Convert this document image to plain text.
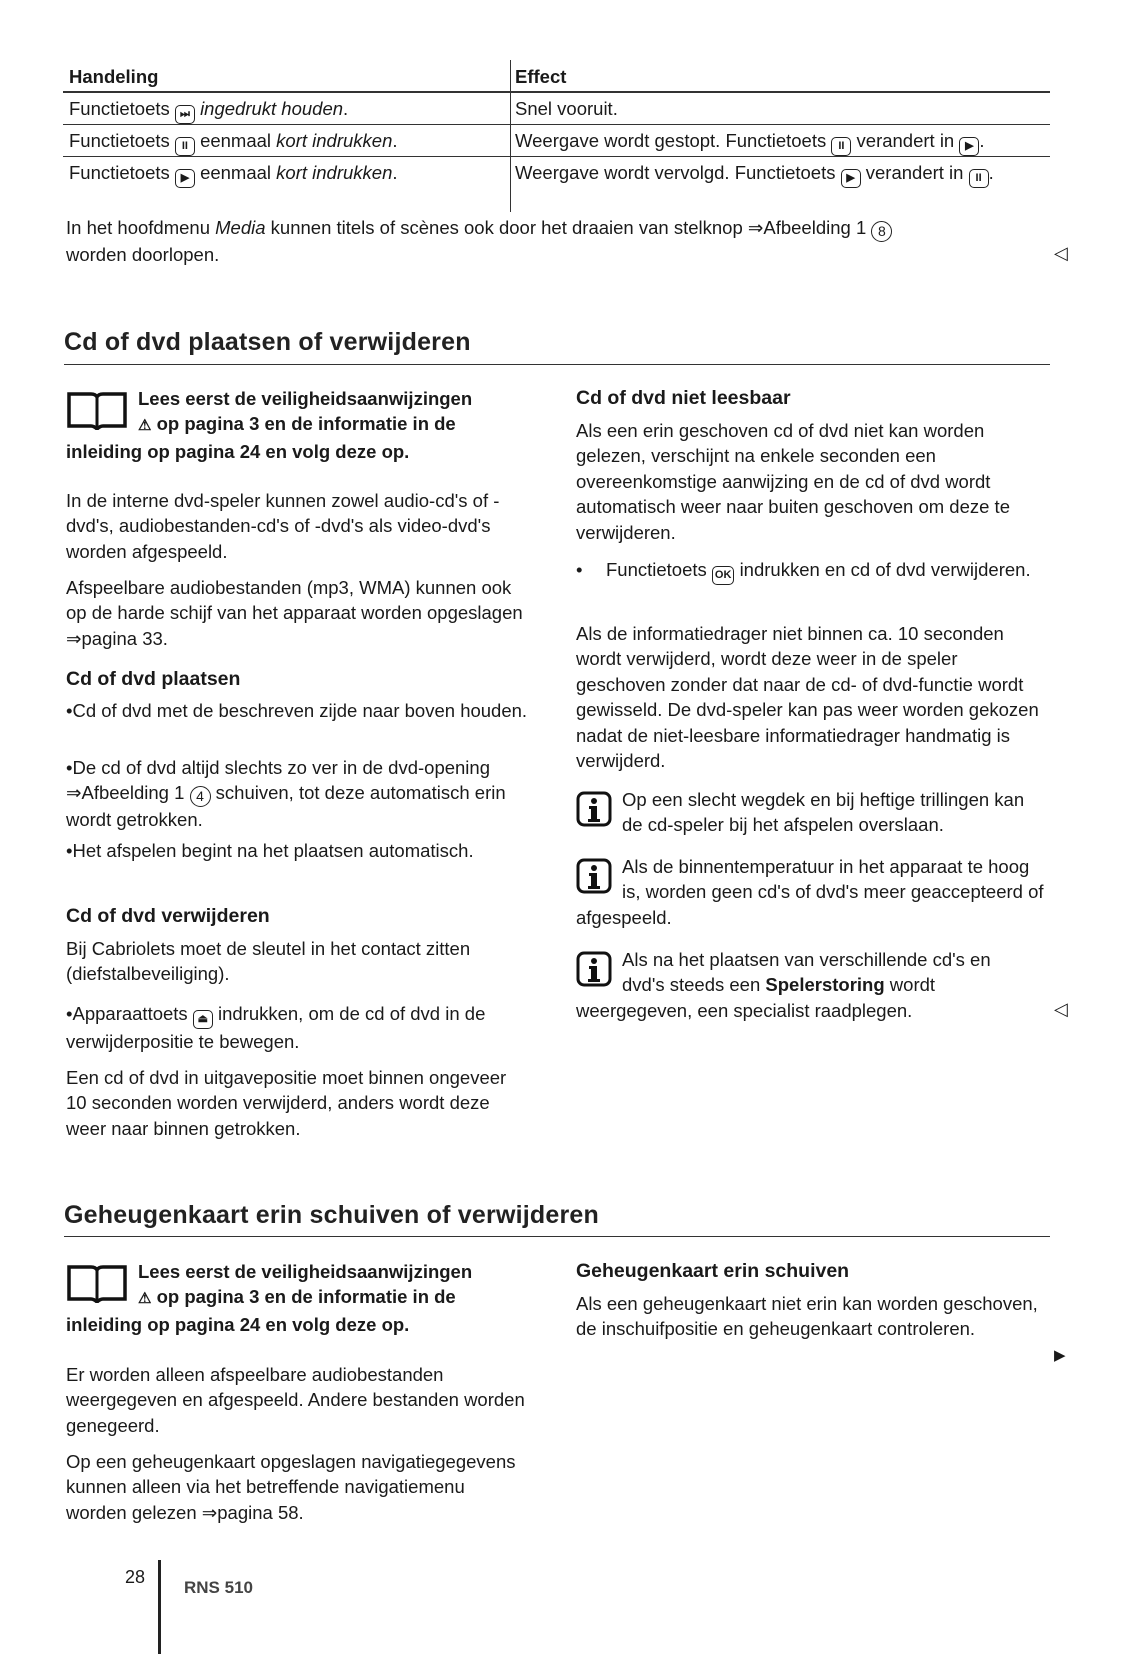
Handeling	Effect
Functietoets ⏭ ingedrukt houden.	Snel vooruit.
Functietoets II eenmaal kort indrukken.	Weergave wordt gestopt. Functietoets II verandert in ▶ .
Functietoets ▶ eenmaal kort indrukken.	Weergave wordt vervolgd. Functietoets ▶ verandert in II .

In het hoofdmenu Media kunnen titels of scènes ook door het draaien van stelknop ⇒Afbeelding 1 8
worden doorlopen.	◁
Cd of dvd plaatsen of verwijderen
Lees eerst de veiligheidsaanwijzingen
⚠ op pagina 3 en de informatie in de inleiding op pagina 24 en volg deze op.

In de interne dvd-speler kunnen zowel audio-cd's of -dvd's, audiobestanden-cd's of -dvd's als video-dvd's worden afgespeeld.

Afspeelbare audiobestanden (mp3, WMA) kunnen ook op de harde schijf van het apparaat worden opgeslagen ⇒pagina 33.

Cd of dvd plaatsen

•Cd of dvd met de beschreven zijde naar boven houden.

•De cd of dvd altijd slechts zo ver in de dvd-opening ⇒Afbeelding 1 4 schuiven, tot deze automatisch erin wordt getrokken.

•Het afspelen begint na het plaatsen automatisch.

Cd of dvd verwijderen

Bij Cabriolets moet de sleutel in het contact zitten (diefstalbeveiliging).

•Apparaattoets ⏏ indrukken, om de cd of dvd in de verwijderpositie te bewegen.

Een cd of dvd in uitgavepositie moet binnen ongeveer 10 seconden worden verwijderd, anders wordt deze weer naar binnen getrokken.

Cd of dvd niet leesbaar

Als een erin geschoven cd of dvd niet kan worden gelezen, verschijnt na enkele seconden een overeenkomstige aanwijzing en de cd of dvd wordt automatisch weer naar buiten geschoven om deze te verwijderen.

• Functietoets OK indrukken en cd of dvd verwijderen.

Als de informatiedrager niet binnen ca. 10 seconden wordt verwijderd, wordt deze weer in de speler geschoven zonder dat naar de cd- of dvd-functie wordt gewisseld. De dvd-speler kan pas weer worden gekozen nadat de niet-leesbare informatiedrager handmatig is verwijderd.

Op een slecht wegdek en bij heftige trillingen kan de cd-speler bij het afspelen overslaan.
Als de binnentemperatuur in het apparaat te hoog is, worden geen cd's of dvd's meer geaccepteerd of afgespeeld.
Als na het plaatsen van verschillende cd's en dvd's steeds een Spelerstoring wordt weergegeven, een specialist raadplegen.	◁
Geheugenkaart erin schuiven of verwijderen
Lees eerst de veiligheidsaanwijzingen
⚠ op pagina 3 en de informatie in de inleiding op pagina 24 en volg deze op.

Er worden alleen afspeelbare audiobestanden weergegeven en afgespeeld. Andere bestanden worden genegeerd.

Op een geheugenkaart opgeslagen navigatiegegevens kunnen alleen via het betreffende navigatiemenu worden gelezen ⇒pagina 58.

Geheugenkaart erin schuiven

Als een geheugenkaart niet erin kan worden geschoven, de inschuifpositie en geheugenkaart controleren.

▶
28
RNS 510
